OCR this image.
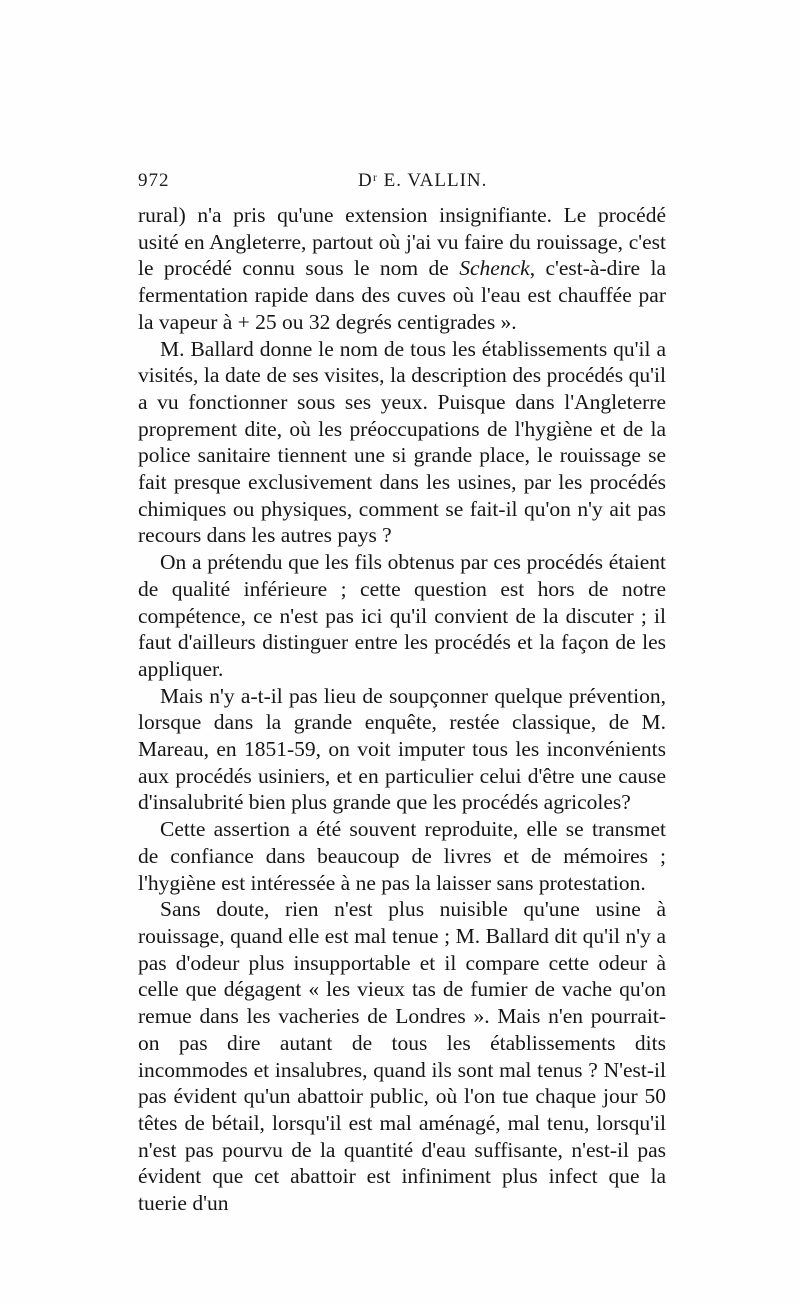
972	Dʳ E. VALLIN.

rural) n'a pris qu'une extension insignifiante. Le procédé usité en Angleterre, partout où j'ai vu faire du rouissage, c'est le procédé connu sous le nom de Schenck, c'est-à-dire la fermentation rapide dans des cuves où l'eau est chauffée par la vapeur à + 25 ou 32 degrés centigrades ».

M. Ballard donne le nom de tous les établissements qu'il a visités, la date de ses visites, la description des procédés qu'il a vu fonctionner sous ses yeux. Puisque dans l'Angleterre proprement dite, où les préoccupations de l'hygiène et de la police sanitaire tiennent une si grande place, le rouissage se fait presque exclusivement dans les usines, par les procédés chimiques ou physiques, comment se fait-il qu'on n'y ait pas recours dans les autres pays ?

On a prétendu que les fils obtenus par ces procédés étaient de qualité inférieure ; cette question est hors de notre compétence, ce n'est pas ici qu'il convient de la discuter ; il faut d'ailleurs distinguer entre les procédés et la façon de les appliquer.

Mais n'y a-t-il pas lieu de soupçonner quelque prévention, lorsque dans la grande enquête, restée classique, de M. Mareau, en 1851-59, on voit imputer tous les inconvénients aux procédés usiniers, et en particulier celui d'être une cause d'insalubrité bien plus grande que les procédés agricoles?

Cette assertion a été souvent reproduite, elle se transmet de confiance dans beaucoup de livres et de mémoires ; l'hygiène est intéressée à ne pas la laisser sans protestation.

Sans doute, rien n'est plus nuisible qu'une usine à rouissage, quand elle est mal tenue ; M. Ballard dit qu'il n'y a pas d'odeur plus insupportable et il compare cette odeur à celle que dégagent « les vieux tas de fumier de vache qu'on remue dans les vacheries de Londres ». Mais n'en pourrait-on pas dire autant de tous les établissements dits incommodes et insalubres, quand ils sont mal tenus ? N'est-il pas évident qu'un abattoir public, où l'on tue chaque jour 50 têtes de bétail, lorsqu'il est mal aménagé, mal tenu, lorsqu'il n'est pas pourvu de la quantité d'eau suffisante, n'est-il pas évident que cet abattoir est infiniment plus infect que la tuerie d'un
